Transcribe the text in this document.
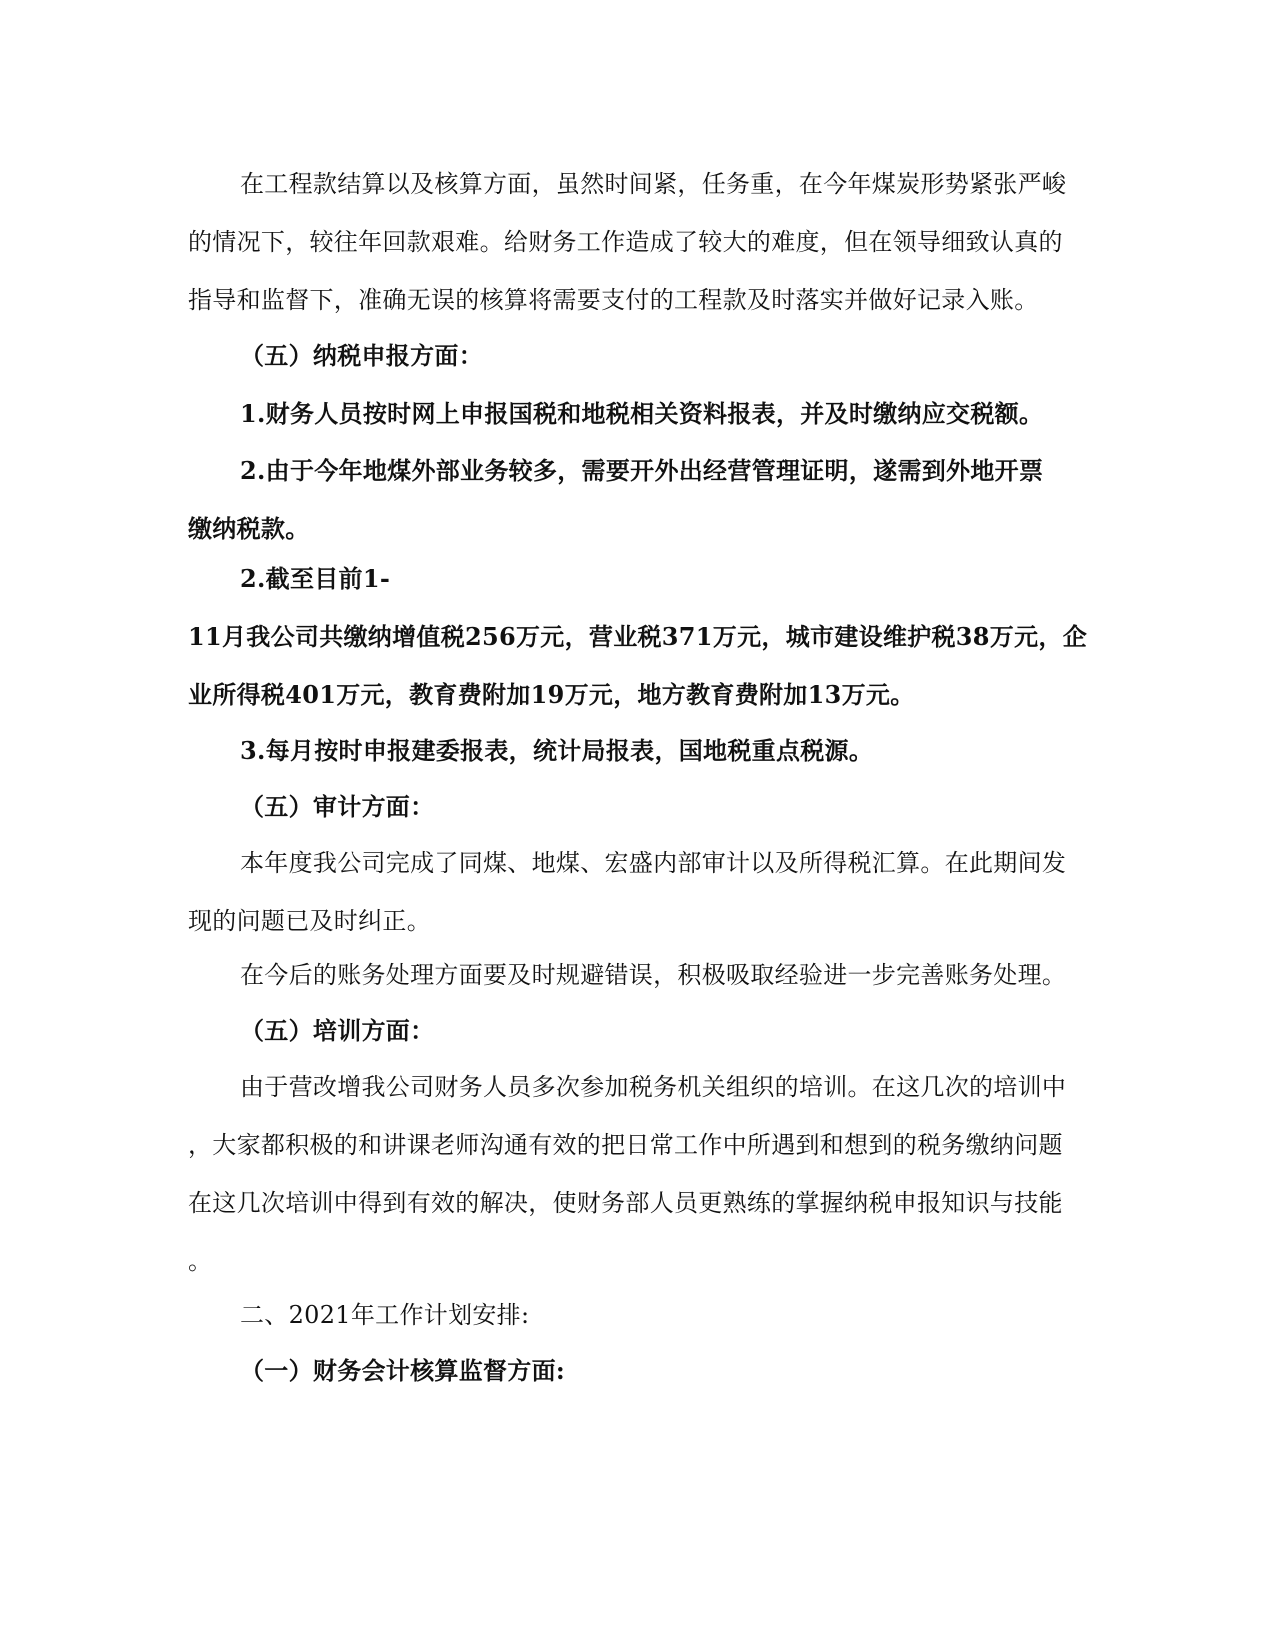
在工程款结算以及核算方面，虽然时间紧，任务重，在今年煤炭形势紧张严峻
的情况下，较往年回款艰难。给财务工作造成了较大的难度，但在领导细致认真的
指导和监督下，准确无误的核算将需要支付的工程款及时落实并做好记录入账。
（五）纳税申报方面：
1.财务人员按时网上申报国税和地税相关资料报表，并及时缴纳应交税额。
2.由于今年地煤外部业务较多，需要开外出经营管理证明，遂需到外地开票
缴纳税款。
2.截至目前1-
11月我公司共缴纳增值税256万元，营业税371万元，城市建设维护税38万元，企
业所得税401万元，教育费附加19万元，地方教育费附加13万元。
3.每月按时申报建委报表，统计局报表，国地税重点税源。
（五）审计方面：
本年度我公司完成了同煤、地煤、宏盛内部审计以及所得税汇算。在此期间发
现的问题已及时纠正。
在今后的账务处理方面要及时规避错误，积极吸取经验进一步完善账务处理。
（五）培训方面：
由于营改增我公司财务人员多次参加税务机关组织的培训。在这几次的培训中
，大家都积极的和讲课老师沟通有效的把日常工作中所遇到和想到的税务缴纳问题
在这几次培训中得到有效的解决，使财务部人员更熟练的掌握纳税申报知识与技能
。
二、2021年工作计划安排:
（一）财务会计核算监督方面:
